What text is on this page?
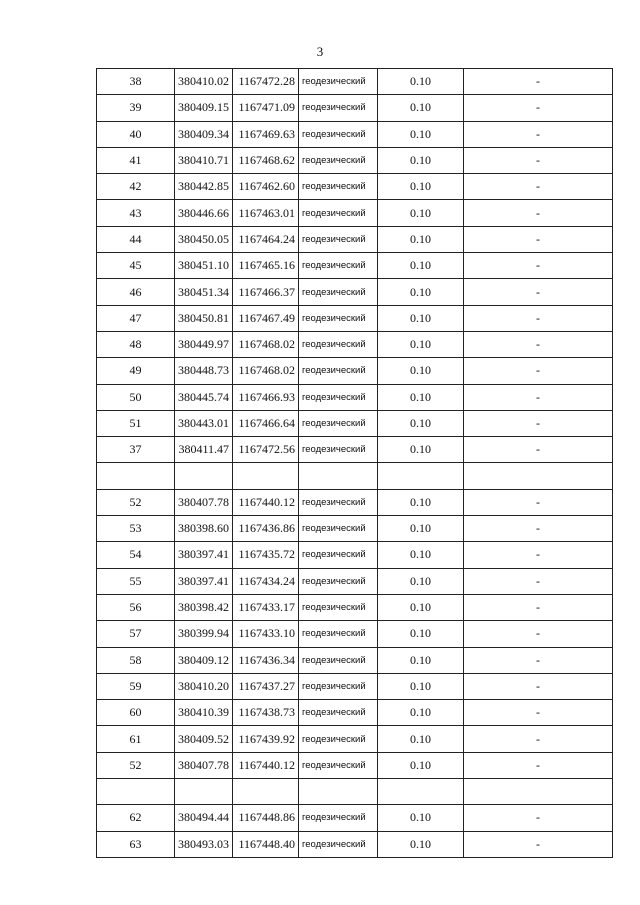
3
38	380410.02	1167472.28	геодезический	0.10	-
39	380409.15	1167471.09	геодезический	0.10	-
40	380409.34	1167469.63	геодезический	0.10	-
41	380410.71	1167468.62	геодезический	0.10	-
42	380442.85	1167462.60	геодезический	0.10	-
43	380446.66	1167463.01	геодезический	0.10	-
44	380450.05	1167464.24	геодезический	0.10	-
45	380451.10	1167465.16	геодезический	0.10	-
46	380451.34	1167466.37	геодезический	0.10	-
47	380450.81	1167467.49	геодезический	0.10	-
48	380449.97	1167468.02	геодезический	0.10	-
49	380448.73	1167468.02	геодезический	0.10	-
50	380445.74	1167466.93	геодезический	0.10	-
51	380443.01	1167466.64	геодезический	0.10	-
37	380411.47	1167472.56	геодезический	0.10	-

52	380407.78	1167440.12	геодезический	0.10	-
53	380398.60	1167436.86	геодезический	0.10	-
54	380397.41	1167435.72	геодезический	0.10	-
55	380397.41	1167434.24	геодезический	0.10	-
56	380398.42	1167433.17	геодезический	0.10	-
57	380399.94	1167433.10	геодезический	0.10	-
58	380409.12	1167436.34	геодезический	0.10	-
59	380410.20	1167437.27	геодезический	0.10	-
60	380410.39	1167438.73	геодезический	0.10	-
61	380409.52	1167439.92	геодезический	0.10	-
52	380407.78	1167440.12	геодезический	0.10	-

62	380494.44	1167448.86	геодезический	0.10	-
63	380493.03	1167448.40	геодезический	0.10	-
